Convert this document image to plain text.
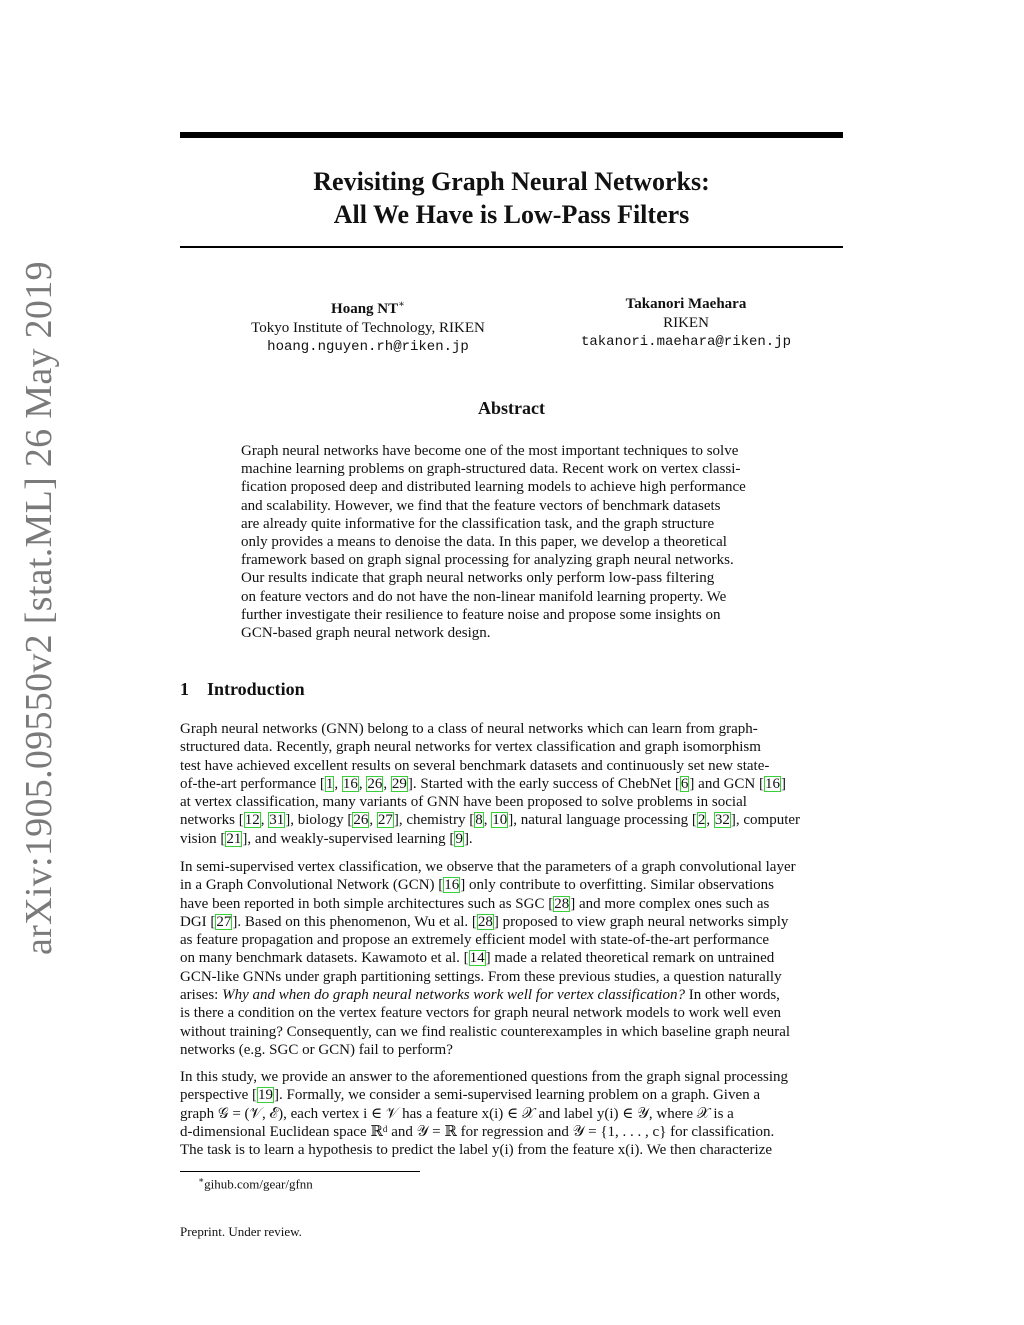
arXiv:1905.09550v2 [stat.ML] 26 May 2019
Revisiting Graph Neural Networks:
All We Have is Low-Pass Filters
Hoang NT∗
Tokyo Institute of Technology, RIKEN
hoang.nguyen.rh@riken.jp
Takanori Maehara
RIKEN
takanori.maehara@riken.jp
Abstract
Graph neural networks have become one of the most important techniques to solve
machine learning problems on graph-structured data. Recent work on vertex classi-
fication proposed deep and distributed learning models to achieve high performance
and scalability. However, we find that the feature vectors of benchmark datasets
are already quite informative for the classification task, and the graph structure
only provides a means to denoise the data. In this paper, we develop a theoretical
framework based on graph signal processing for analyzing graph neural networks.
Our results indicate that graph neural networks only perform low-pass filtering
on feature vectors and do not have the non-linear manifold learning property. We
further investigate their resilience to feature noise and propose some insights on
GCN-based graph neural network design.
1 Introduction
Graph neural networks (GNN) belong to a class of neural networks which can learn from graph-
structured data. Recently, graph neural networks for vertex classification and graph isomorphism
test have achieved excellent results on several benchmark datasets and continuously set new state-
of-the-art performance [1, 16, 26, 29]. Started with the early success of ChebNet [6] and GCN [16]
at vertex classification, many variants of GNN have been proposed to solve problems in social
networks [12, 31], biology [26, 27], chemistry [8, 10], natural language processing [2, 32], computer
vision [21], and weakly-supervised learning [9].
In semi-supervised vertex classification, we observe that the parameters of a graph convolutional layer
in a Graph Convolutional Network (GCN) [16] only contribute to overfitting. Similar observations
have been reported in both simple architectures such as SGC [28] and more complex ones such as
DGI [27]. Based on this phenomenon, Wu et al. [28] proposed to view graph neural networks simply
as feature propagation and propose an extremely efficient model with state-of-the-art performance
on many benchmark datasets. Kawamoto et al. [14] made a related theoretical remark on untrained
GCN-like GNNs under graph partitioning settings. From these previous studies, a question naturally
arises: Why and when do graph neural networks work well for vertex classification? In other words,
is there a condition on the vertex feature vectors for graph neural network models to work well even
without training? Consequently, can we find realistic counterexamples in which baseline graph neural
networks (e.g. SGC or GCN) fail to perform?
In this study, we provide an answer to the aforementioned questions from the graph signal processing
perspective [19]. Formally, we consider a semi-supervised learning problem on a graph. Given a
graph 𝒢 = (𝒱, ℰ), each vertex i ∈ 𝒱 has a feature x(i) ∈ 𝒳 and label y(i) ∈ 𝒴, where 𝒳 is a
d-dimensional Euclidean space ℝᵈ and 𝒴 = ℝ for regression and 𝒴 = {1, . . . , c} for classification.
The task is to learn a hypothesis to predict the label y(i) from the feature x(i). We then characterize
∗gihub.com/gear/gfnn
Preprint. Under review.
